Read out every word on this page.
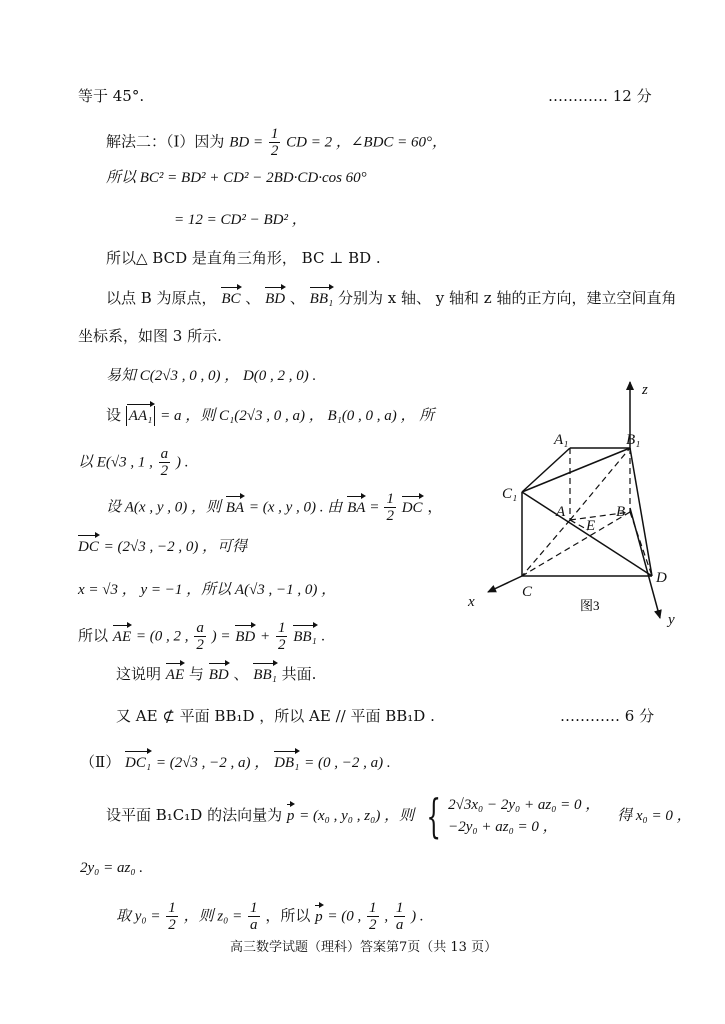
等于 45°.	………… 12 分
解法二：（Ⅰ）因为 BD = $\frac{1}{2}$ CD = 2 ，∠BDC = 60°，
所以 BC² = BD² + CD² − 2BD·CD·cos 60°
= 12 = CD² − BD² ，
所以△ BCD 是直角三角形， BC ⊥ BD .
以点 B 为原点， BC 、 BD 、 BB₁ 分别为 x 轴、 y 轴和 z 轴的正方向，建立空间直角
坐标系，如图 3 所示.
易知 C(2√3 , 0 , 0) ， D(0 , 2 , 0) .
设 AA₁ = a ，则 C₁(2√3 , 0 , a) ， B₁(0 , 0 , a) ， 所
以 E(√3 , 1 , $\frac{a}{2}$ ) .
设 A(x , y , 0) ，则 BA = (x , y , 0) . 由 BA = $\frac{1}{2}$ DC ，
DC = (2√3 , −2 , 0) ，可得
x = √3 ， y = −1 ，所以 A(√3 , −1 , 0) ，
所以 AE = (0 , 2 , $\frac{a}{2}$ ) = BD + $\frac{1}{2} BB_1$ .
这说明 AE 与 BD 、 BB₁ 共面.
又 AE ⊄ 平面 BB₁D ，所以 AE // 平面 BB₁D .	………… 6 分
（Ⅱ） DC₁ = (2√3 , −2 , a) ， DB₁ = (0 , −2 , a) .
设平面 B₁C₁D 的法向量为 p = (x₀ , y₀ , z₀) ，则 { 2√3x₀ − 2y₀ + az₀ = 0 ，
−2y₀ + az₀ = 0 ，
得 x₀ = 0 ，
2y₀ = az₀ .
取 $y_0 = \frac{1}{2}$ ，则 $z_0 = \frac{1}{a}$ ，所以 p = (0 , $\frac{1}{2}$ , $\frac{1}{a}$ ) .
高三数学试题（理科）答案第7页（共 13 页）
z
A₁	B₁
C₁
A
E
B
x
C
D
y
图3
